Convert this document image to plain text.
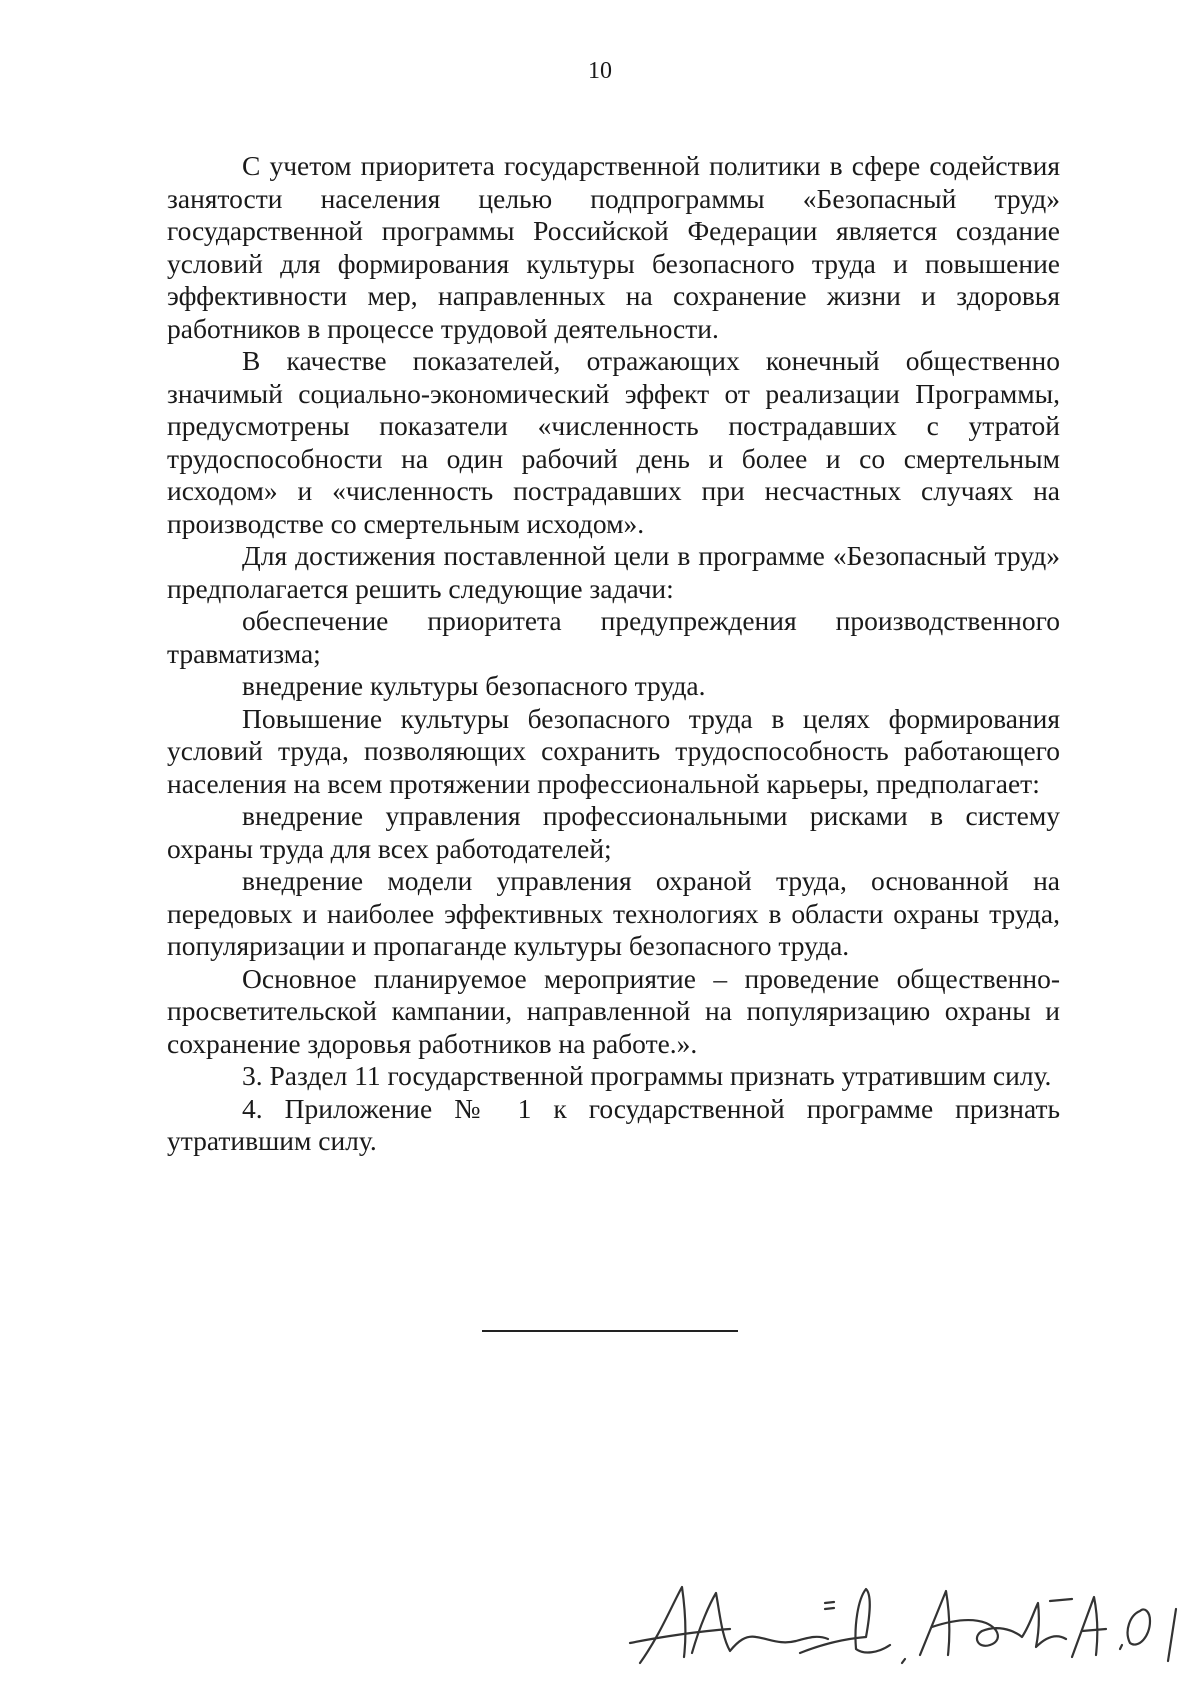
10

С учетом приоритета государственной политики в сфере содействия занятости населения целью подпрограммы «Безопасный труд» государственной программы Российской Федерации является создание условий для формирования культуры безопасного труда и повышение эффективности мер, направленных на сохранение жизни и здоровья работников в процессе трудовой деятельности.

В качестве показателей, отражающих конечный общественно значимый социально-экономический эффект от реализации Программы, предусмотрены показатели «численность пострадавших с утратой трудоспособности на один рабочий день и более и со смертельным исходом» и «численность пострадавших при несчастных случаях на производстве со смертельным исходом».

Для достижения поставленной цели в программе «Безопасный труд» предполагается решить следующие задачи:

обеспечение приоритета предупреждения производственного травматизма;

внедрение культуры безопасного труда.

Повышение культуры безопасного труда в целях формирования условий труда, позволяющих сохранить трудоспособность работающего населения на всем протяжении профессиональной карьеры, предполагает:

внедрение управления профессиональными рисками в систему охраны труда для всех работодателей;

внедрение модели управления охраной труда, основанной на передовых и наиболее эффективных технологиях в области охраны труда, популяризации и пропаганде культуры безопасного труда.

Основное планируемое мероприятие – проведение общественно-просветительской кампании, направленной на популяризацию охраны и сохранение здоровья работников на работе.».

3. Раздел 11 государственной программы признать утратившим силу.

4. Приложение № 1 к государственной программе признать утратившим силу.
